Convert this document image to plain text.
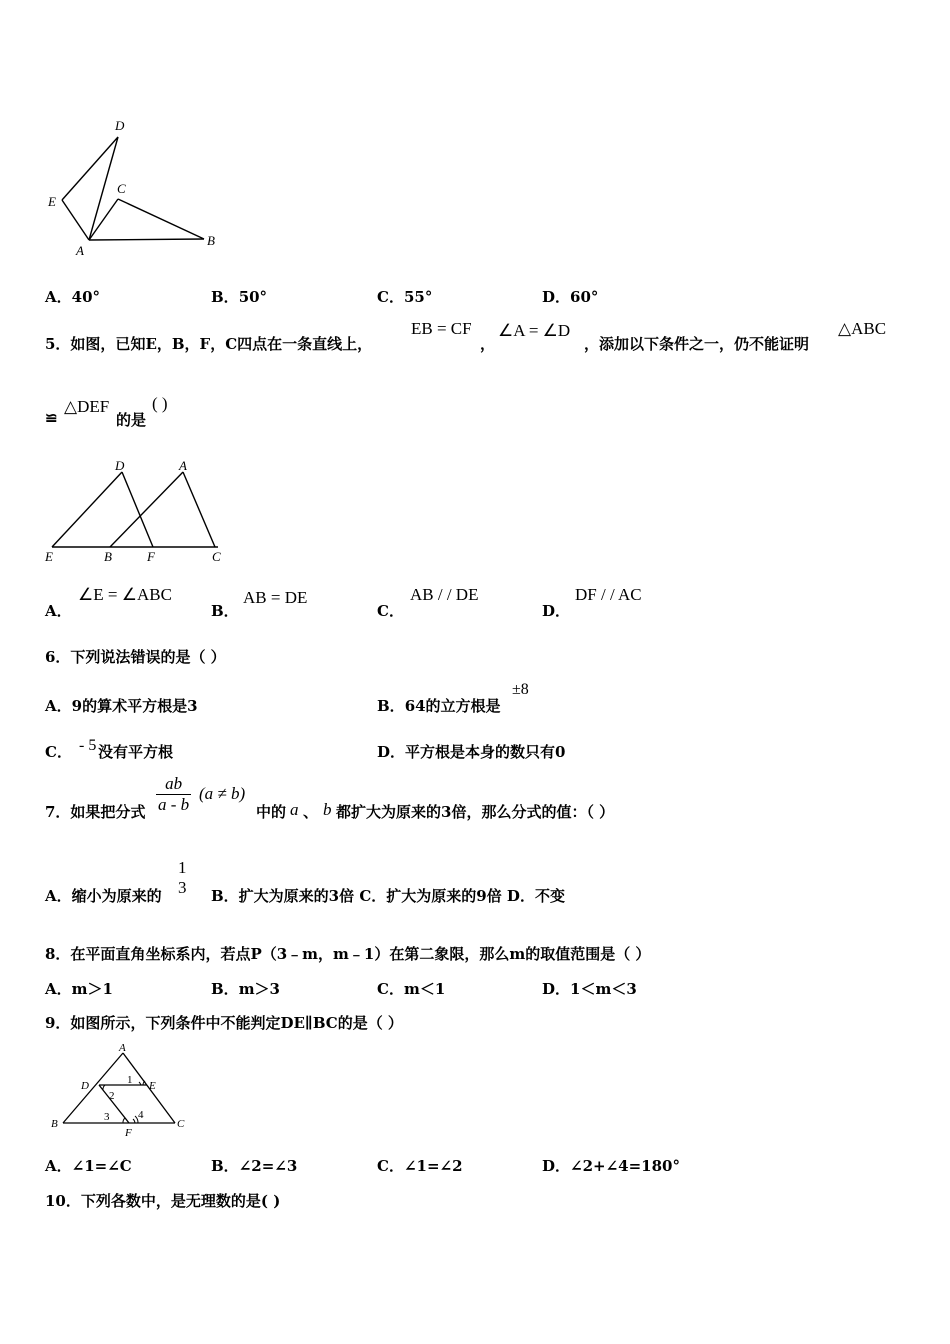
D
E
C
A
B
A．40°	B．50°	C．55°	D．60°
5．如图，已知E，B，F，C四点在一条直线上，
EB = CF
，
∠A = ∠D
，添加以下条件之一，仍不能证明
△ABC
≌
△DEF
的是
( )
D	A
E	B	F	C
A．
∠E = ∠ABC
B．
AB = DE
C．
AB / / DE
D．
DF / / AC
6．下列说法错误的是（ ）
A．9的算术平方根是3	B．64的立方根是
±8
C． - 5 没有平方根	D．平方根是本身的数只有0
7．如果把分式 $\frac{ab}{a - b} (a \ne b)$
中的 a 、 b 都扩大为原来的3倍，那么分式的值：（ ）
A．缩小为原来的
1
3 B．扩大为原来的3倍 C．扩大为原来的9倍 D．不变
8．在平面直角坐标系内，若点P（3﹣m，m﹣1）在第二象限，那么m的取值范围是（ ）
A．m＞1	B．m＞3	C．m＜1	D．1＜m＜3
9．如图所示，下列条件中不能判定DE∥BC的是（ ）
A
D	E
B	C
F
1
2
3	4
A．∠1=∠C	B．∠2=∠3	C．∠1=∠2	D．∠2+∠4=180°
10．下列各数中，是无理数的是( )
